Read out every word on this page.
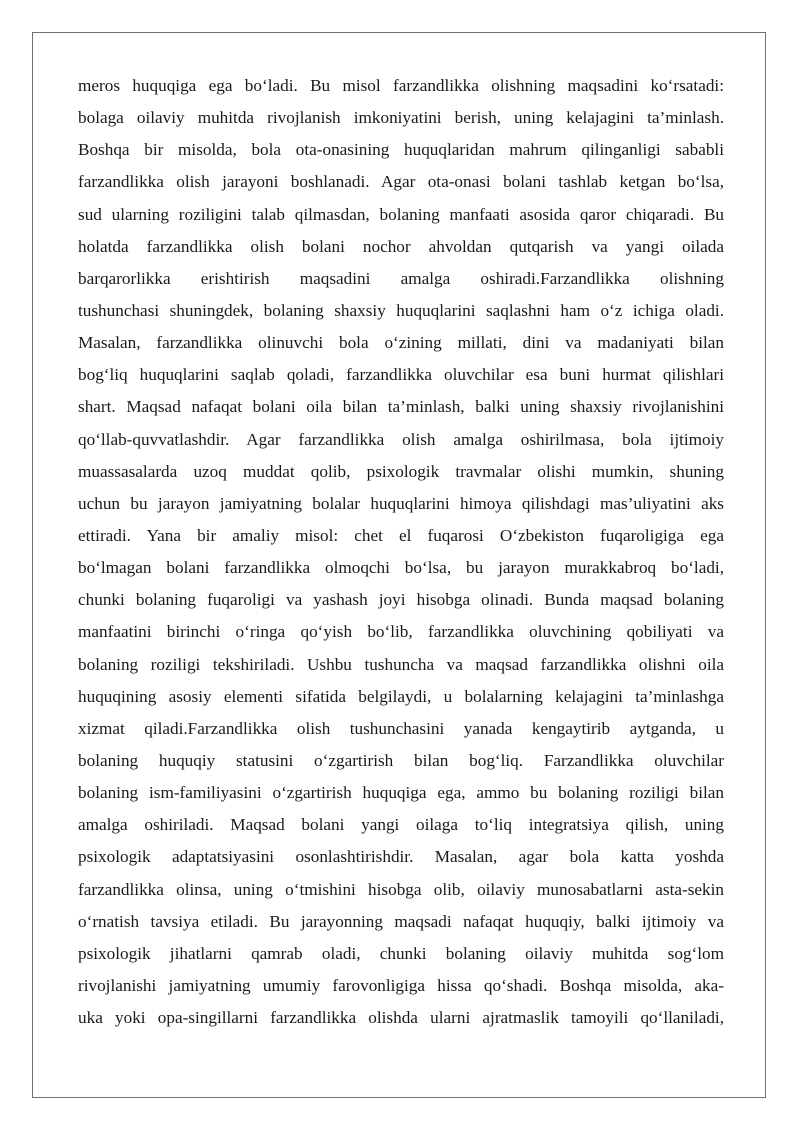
meros huquqiga ega bo‘ladi. Bu misol farzandlikka olishning maqsadini ko‘rsatadi:
bolaga oilaviy muhitda rivojlanish imkoniyatini berish, uning kelajagini ta’minlash.
Boshqa bir misolda, bola ota-onasining huquqlaridan mahrum qilinganligi sababli
farzandlikka olish jarayoni boshlanadi. Agar ota-onasi bolani tashlab ketgan bo‘lsa,
sud ularning roziligini talab qilmasdan, bolaning manfaati asosida qaror chiqaradi. Bu
holatda farzandlikka olish bolani nochor ahvoldan qutqarish va yangi oilada
barqarorlikka erishtirish maqsadini amalga oshiradi.Farzandlikka olishning
tushunchasi shuningdek, bolaning shaxsiy huquqlarini saqlashni ham o‘z ichiga oladi.
Masalan, farzandlikka olinuvchi bola o‘zining millati, dini va madaniyati bilan
bog‘liq huquqlarini saqlab qoladi, farzandlikka oluvchilar esa buni hurmat qilishlari
shart. Maqsad nafaqat bolani oila bilan ta’minlash, balki uning shaxsiy rivojlanishini
qo‘llab-quvvatlashdir. Agar farzandlikka olish amalga oshirilmasa, bola ijtimoiy
muassasalarda uzoq muddat qolib, psixologik travmalar olishi mumkin, shuning
uchun bu jarayon jamiyatning bolalar huquqlarini himoya qilishdagi mas’uliyatini aks
ettiradi. Yana bir amaliy misol: chet el fuqarosi O‘zbekiston fuqaroligiga ega
bo‘lmagan bolani farzandlikka olmoqchi bo‘lsa, bu jarayon murakkabroq bo‘ladi,
chunki bolaning fuqaroligi va yashash joyi hisobga olinadi. Bunda maqsad bolaning
manfaatini birinchi o‘ringa qo‘yish bo‘lib, farzandlikka oluvchining qobiliyati va
bolaning roziligi tekshiriladi. Ushbu tushuncha va maqsad farzandlikka olishni oila
huquqining asosiy elementi sifatida belgilaydi, u bolalarning kelajagini ta’minlashga
xizmat qiladi.Farzandlikka olish tushunchasini yanada kengaytirib aytganda, u
bolaning huquqiy statusini o‘zgartirish bilan bog‘liq. Farzandlikka oluvchilar
bolaning ism-familiyasini o‘zgartirish huquqiga ega, ammo bu bolaning roziligi bilan
amalga oshiriladi. Maqsad bolani yangi oilaga to‘liq integratsiya qilish, uning
psixologik adaptatsiyasini osonlashtirishdir. Masalan, agar bola katta yoshda
farzandlikka olinsa, uning o‘tmishini hisobga olib, oilaviy munosabatlarni asta-sekin
o‘rnatish tavsiya etiladi. Bu jarayonning maqsadi nafaqat huquqiy, balki ijtimoiy va
psixologik jihatlarni qamrab oladi, chunki bolaning oilaviy muhitda sog‘lom
rivojlanishi jamiyatning umumiy farovonligiga hissa qo‘shadi. Boshqa misolda, aka-
uka yoki opa-singillarni farzandlikka olishda ularni ajratmaslik tamoyili qo‘llaniladi,
